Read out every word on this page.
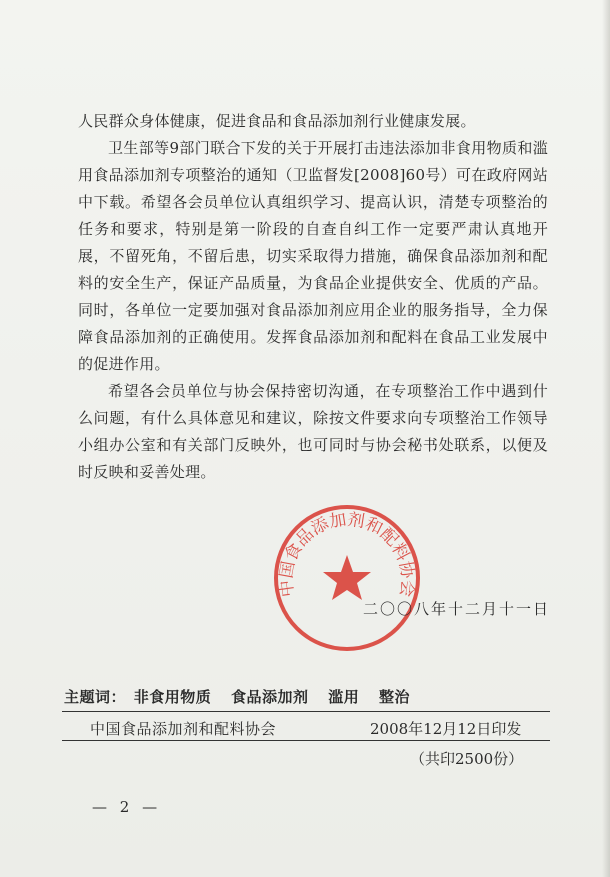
人民群众身体健康，促进食品和食品添加剂行业健康发展。

卫生部等9部门联合下发的关于开展打击违法添加非食用物质和滥用食品添加剂专项整治的通知（卫监督发[2008]60号）可在政府网站中下载。希望各会员单位认真组织学习、提高认识，清楚专项整治的任务和要求，特别是第一阶段的自查自纠工作一定要严肃认真地开展，不留死角，不留后患，切实采取得力措施，确保食品添加剂和配料的安全生产，保证产品质量，为食品企业提供安全、优质的产品。同时，各单位一定要加强对食品添加剂应用企业的服务指导，全力保障食品添加剂的正确使用。发挥食品添加剂和配料在食品工业发展中的促进作用。

希望各会员单位与协会保持密切沟通，在专项整治工作中遇到什么问题，有什么具体意见和建议，除按文件要求向专项整治工作领导小组办公室和有关部门反映外，也可同时与协会秘书处联系，以便及时反映和妥善处理。

中国食品添加剂和配料协会
二〇〇八年十二月十一日
主题词： 非食用物质 食品添加剂 滥用 整治
中国食品添加剂和配料协会	2008年12月12日印发
（共印2500份）
— 2 —
